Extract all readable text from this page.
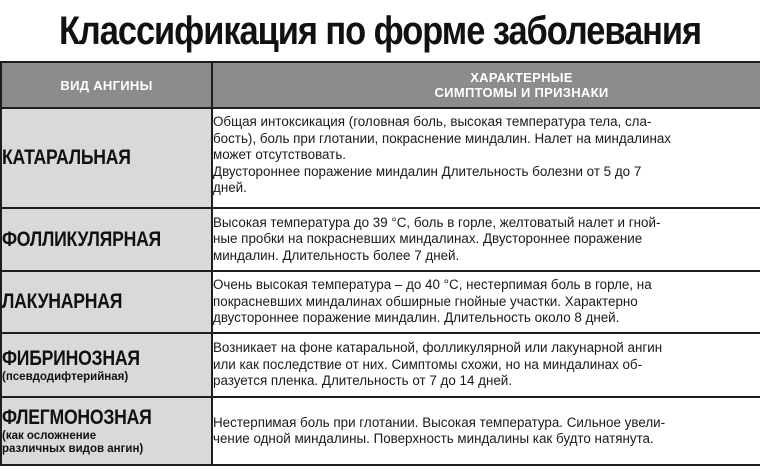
Классификация по форме заболевания
ВИД АНГИНЫ	ХАРАКТЕРНЫЕ
СИМПТОМЫ И ПРИЗНАКИ

КАТАРАЛЬНАЯ	Общая интоксикация (головная боль, высокая температура тела, сла-
бость), боль при глотании, покраснение миндалин. Налет на миндалинах
может отсутствовать.
Двустороннее поражение миндалин Длительность болезни от 5 до 7
дней.

ФОЛЛИКУЛЯРНАЯ	Высокая температура до 39 °С, боль в горле, желтоватый налет и гной-
ные пробки на покрасневших миндалинах. Двустороннее поражение
миндалин. Длительность более 7 дней.

ЛАКУНАРНАЯ	Очень высокая температура – до 40 °С, нестерпимая боль в горле, на
покрасневших миндалинах обширные гнойные участки. Характерно
двустороннее поражение миндалин. Длительность около 8 дней.

ФИБРИНОЗНАЯ
(псевдодифтерийная)	Возникает на фоне катаральной, фолликулярной или лакунарной ангин
или как последствие от них. Симптомы схожи, но на миндалинах об-
разуется пленка. Длительность от 7 до 14 дней.

ФЛЕГМОНОЗНАЯ
(как осложнение
различных видов ангин)	Нестерпимая боль при глотании. Высокая температура. Сильное увели-
чение одной миндалины. Поверхность миндалины как будто натянута.
